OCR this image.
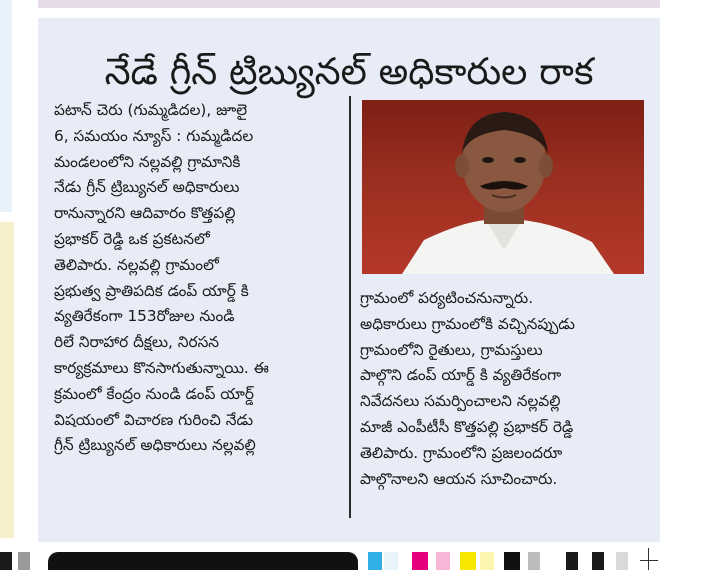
నేడే గ్రీన్ ట్రిబ్యునల్ అధికారుల రాక
పటాన్ చెరు (గుమ్మడిదల), జూలై
6, సమయం న్యూస్ : గుమ్మడిదల
మండలంలోని నల్లవల్లి గ్రామానికి
నేడు గ్రీన్ ట్రిబ్యునల్ అధికారులు
రానున్నారని ఆదివారం కొత్తపల్లి
ప్రభాకర్ రెడ్డి ఒక ప్రకటనలో
తెలిపారు. నల్లవల్లి గ్రామంలో
ప్రభుత్వ ప్రాతిపదిక డంప్ యార్డ్ కి
వ్యతిరేకంగా 153రోజుల నుండి
రిలే నిరాహార దీక్షలు, నిరసన
కార్యక్రమాలు కొనసాగుతున్నాయి. ఈ
క్రమంలో కేంద్రం నుండి డంప్ యార్డ్
విషయంలో విచారణ గురించి నేడు
గ్రీన్ ట్రిబ్యునల్ అధికారులు నల్లవల్లి
గ్రామంలో పర్యటించనున్నారు.
అధికారులు గ్రామంలోకి వచ్చినప్పుడు
గ్రామంలోని రైతులు, గ్రామస్తులు
పాల్గొని డంప్ యార్డ్ కి వ్యతిరేకంగా
నివేదనలు సమర్పించాలని నల్లవల్లి
మాజీ ఎంపీటీసీ కొత్తపల్లి ప్రభాకర్ రెడ్డి
తెలిపారు. గ్రామంలోని ప్రజలందరూ
పాల్గొనాలని ఆయన సూచించారు.
